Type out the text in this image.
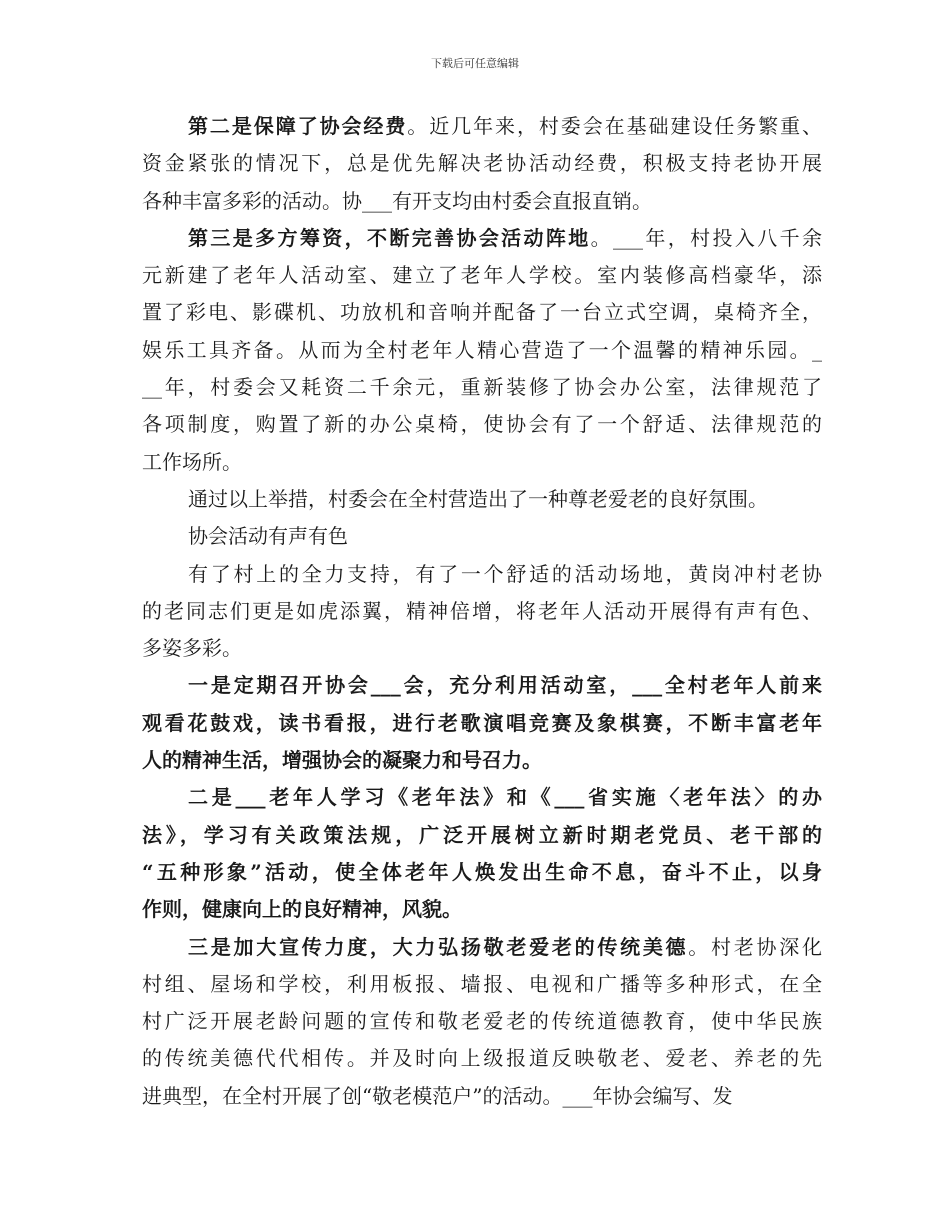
下载后可任意编辑
第二是保障了协会经费。近几年来，村委会在基础建设任务繁重、
资金紧张的情况下，总是优先解决老协活动经费，积极支持老协开展
各种丰富多彩的活动。协___有开支均由村委会直报直销。
第三是多方筹资，不断完善协会活动阵地。___年，村投入八千余
元新建了老年人活动室、建立了老年人学校。室内装修高档豪华，添
置了彩电、影碟机、功放机和音响并配备了一台立式空调，桌椅齐全，
娱乐工具齐备。从而为全村老年人精心营造了一个温馨的精神乐园。_
__年，村委会又耗资二千余元，重新装修了协会办公室，法律规范了
各项制度，购置了新的办公桌椅，使协会有了一个舒适、法律规范的
工作场所。
通过以上举措，村委会在全村营造出了一种尊老爱老的良好氛围。
协会活动有声有色
有了村上的全力支持，有了一个舒适的活动场地，黄岗冲村老协
的老同志们更是如虎添翼，精神倍增，将老年人活动开展得有声有色、
多姿多彩。
一是定期召开协会___会，充分利用活动室，___全村老年人前来
观看花鼓戏，读书看报，进行老歌演唱竞赛及象棋赛，不断丰富老年
人的精神生活，增强协会的凝聚力和号召力。
二是___老年人学习《老年法》和《___省实施〈老年法〉的办
法》，学习有关政策法规，广泛开展树立新时期老党员、老干部的
“五种形象”活动，使全体老年人焕发出生命不息，奋斗不止，以身
作则，健康向上的良好精神，风貌。
三是加大宣传力度，大力弘扬敬老爱老的传统美德。村老协深化
村组、屋场和学校，利用板报、墙报、电视和广播等多种形式，在全
村广泛开展老龄问题的宣传和敬老爱老的传统道德教育，使中华民族
的传统美德代代相传。并及时向上级报道反映敬老、爱老、养老的先
进典型，在全村开展了创“敬老模范户”的活动。___年协会编写、发
